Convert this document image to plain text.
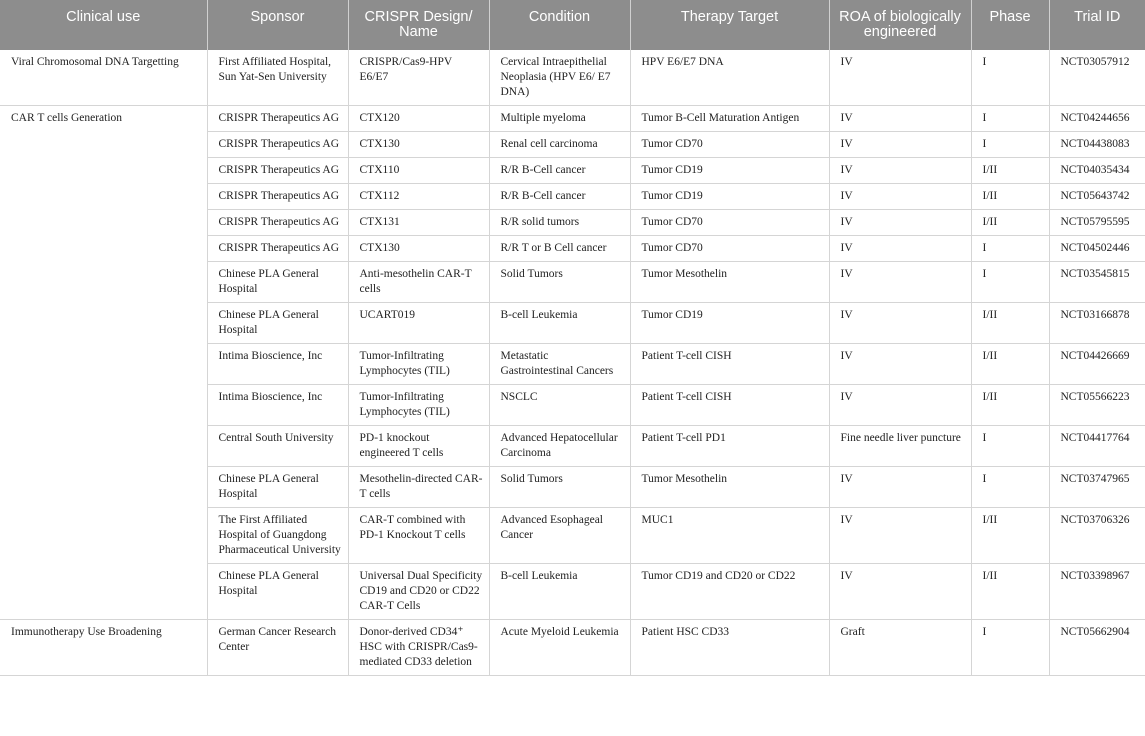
Clinical use	Sponsor	CRISPR Design/ Name	Condition	Therapy Target	ROA of biologically engineered	Phase	Trial ID
Viral Chromosomal DNA Targetting	First Affiliated Hospital, Sun Yat-Sen University	CRISPR/Cas9-HPV E6/E7	Cervical Intraepithelial Neoplasia (HPV E6/ E7 DNA)	HPV E6/E7 DNA	IV	I	NCT03057912
CAR T cells Generation	CRISPR Therapeutics AG	CTX120	Multiple myeloma	Tumor B-Cell Maturation Antigen	IV	I	NCT04244656
	CRISPR Therapeutics AG	CTX130	Renal cell carcinoma	Tumor CD70	IV	I	NCT04438083
	CRISPR Therapeutics AG	CTX110	R/R B-Cell cancer	Tumor CD19	IV	I/II	NCT04035434
	CRISPR Therapeutics AG	CTX112	R/R B-Cell cancer	Tumor CD19	IV	I/II	NCT05643742
	CRISPR Therapeutics AG	CTX131	R/R solid tumors	Tumor CD70	IV	I/II	NCT05795595
	CRISPR Therapeutics AG	CTX130	R/R T or B Cell cancer	Tumor CD70	IV	I	NCT04502446
	Chinese PLA General Hospital	Anti-mesothelin CAR-T cells	Solid Tumors	Tumor Mesothelin	IV	I	NCT03545815
	Chinese PLA General Hospital	UCART019	B-cell Leukemia	Tumor CD19	IV	I/II	NCT03166878
	Intima Bioscience, Inc	Tumor-Infiltrating Lymphocytes (TIL)	Metastatic Gastrointestinal Cancers	Patient T-cell CISH	IV	I/II	NCT04426669
	Intima Bioscience, Inc	Tumor-Infiltrating Lymphocytes (TIL)	NSCLC	Patient T-cell CISH	IV	I/II	NCT05566223
	Central South University	PD-1 knockout engineered T cells	Advanced Hepatocellular Carcinoma	Patient T-cell PD1	Fine needle liver puncture	I	NCT04417764
	Chinese PLA General Hospital	Mesothelin-directed CAR-T cells	Solid Tumors	Tumor Mesothelin	IV	I	NCT03747965
	The First Affiliated Hospital of Guangdong Pharmaceutical University	CAR-T combined with PD-1 Knockout T cells	Advanced Esophageal Cancer	MUC1	IV	I/II	NCT03706326
	Chinese PLA General Hospital	Universal Dual Specificity CD19 and CD20 or CD22 CAR-T Cells	B-cell Leukemia	Tumor CD19 and CD20 or CD22	IV	I/II	NCT03398967
Immunotherapy Use Broadening	German Cancer Research Center	Donor-derived CD34⁺ HSC with CRISPR/Cas9-mediated CD33 deletion	Acute Myeloid Leukemia	Patient HSC CD33	Graft	I	NCT05662904
